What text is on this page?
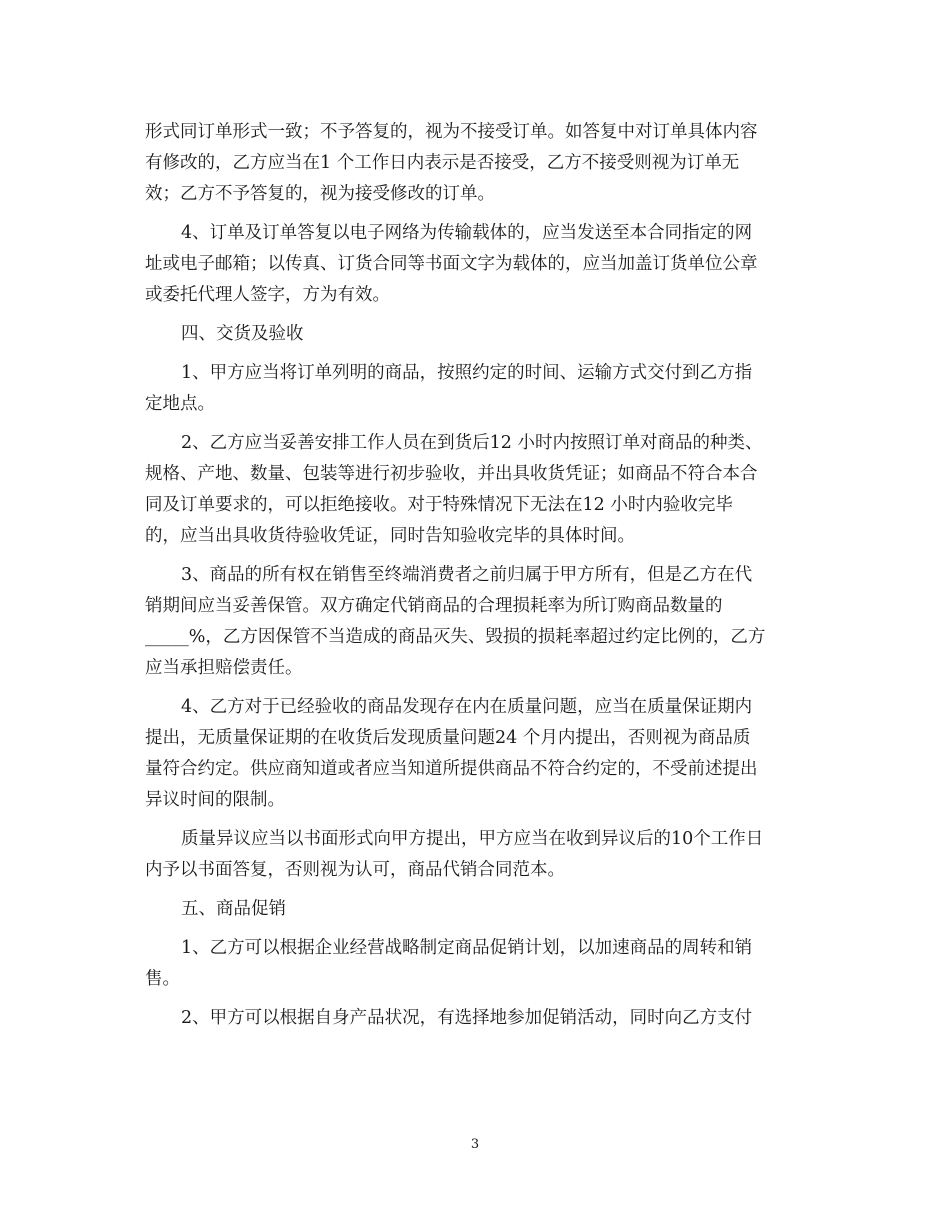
形式同订单形式一致；不予答复的，视为不接受订单。如答复中对订单具体内容
有修改的，乙方应当在1 个工作日内表示是否接受，乙方不接受则视为订单无
效；乙方不予答复的，视为接受修改的订单。
4、订单及订单答复以电子网络为传输载体的，应当发送至本合同指定的网
址或电子邮箱；以传真、订货合同等书面文字为载体的，应当加盖订货单位公章
或委托代理人签字，方为有效。
四、交货及验收
1、甲方应当将订单列明的商品，按照约定的时间、运输方式交付到乙方指
定地点。
2、乙方应当妥善安排工作人员在到货后12 小时内按照订单对商品的种类、
规格、产地、数量、包装等进行初步验收，并出具收货凭证；如商品不符合本合
同及订单要求的，可以拒绝接收。对于特殊情况下无法在12 小时内验收完毕
的，应当出具收货待验收凭证，同时告知验收完毕的具体时间。
3、商品的所有权在销售至终端消费者之前归属于甲方所有，但是乙方在代
销期间应当妥善保管。双方确定代销商品的合理损耗率为所订购商品数量的
_____%，乙方因保管不当造成的商品灭失、毁损的损耗率超过约定比例的，乙方
应当承担赔偿责任。
4、乙方对于已经验收的商品发现存在内在质量问题，应当在质量保证期内
提出，无质量保证期的在收货后发现质量问题24 个月内提出，否则视为商品质
量符合约定。供应商知道或者应当知道所提供商品不符合约定的，不受前述提出
异议时间的限制。
质量异议应当以书面形式向甲方提出，甲方应当在收到异议后的10个工作日
内予以书面答复，否则视为认可，商品代销合同范本。
五、商品促销
1、乙方可以根据企业经营战略制定商品促销计划，以加速商品的周转和销
售。
2、甲方可以根据自身产品状况，有选择地参加促销活动，同时向乙方支付
3
